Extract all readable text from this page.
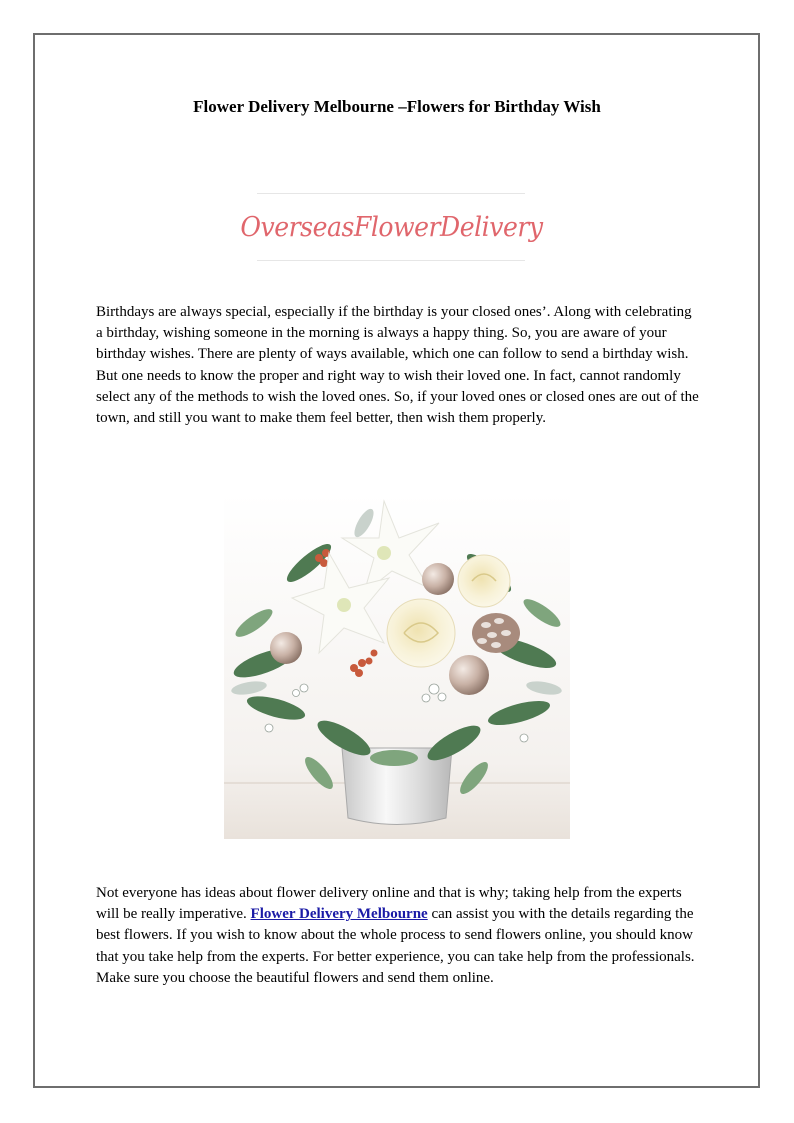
Flower Delivery Melbourne –Flowers for Birthday Wish
OverseasFlowerDelivery

Birthdays are always special, especially if the birthday is your closed ones’. Along with celebrating a birthday, wishing someone in the morning is always a happy thing. So, you are aware of your birthday wishes. There are plenty of ways available, which one can follow to send a birthday wish. But one needs to know the proper and right way to wish their loved one. In fact, cannot randomly select any of the methods to wish the loved ones. So, if your loved ones or closed ones are out of the town, and still you want to make them feel better, then wish them properly.

Not everyone has ideas about flower delivery online and that is why; taking help from the experts will be really imperative. Flower Delivery Melbourne can assist you with the details regarding the best flowers. If you wish to know about the whole process to send flowers online, you should know that you take help from the experts. For better experience, you can take help from the professionals. Make sure you choose the beautiful flowers and send them online.
